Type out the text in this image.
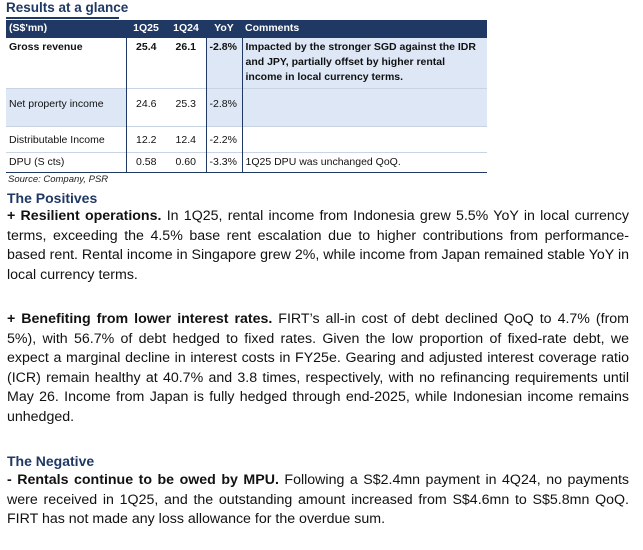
Results at a glance
(S$'mn)	1Q25	1Q24	YoY	Comments
Gross revenue	25.4	26.1	-2.8%	Impacted by the stronger SGD against the IDR and JPY, partially offset by higher rental income in local currency terms.
Net property income	24.6	25.3	-2.8%	
Distributable Income	12.2	12.4	-2.2%	
DPU (S cts)	0.58	0.60	-3.3%	1Q25 DPU was unchanged QoQ.
Source: Company, PSR
The Positives
+ Resilient operations. In 1Q25, rental income from Indonesia grew 5.5% YoY in local currency terms, exceeding the 4.5% base rent escalation due to higher contributions from performance-based rent. Rental income in Singapore grew 2%, while income from Japan remained stable YoY in local currency terms.
+ Benefiting from lower interest rates. FIRT’s all-in cost of debt declined QoQ to 4.7% (from 5%), with 56.7% of debt hedged to fixed rates. Given the low proportion of fixed-rate debt, we expect a marginal decline in interest costs in FY25e. Gearing and adjusted interest coverage ratio (ICR) remain healthy at 40.7% and 3.8 times, respectively, with no refinancing requirements until May 26. Income from Japan is fully hedged through end-2025, while Indonesian income remains unhedged.
The Negative
- Rentals continue to be owed by MPU. Following a S$2.4mn payment in 4Q24, no payments were received in 1Q25, and the outstanding amount increased from S$4.6mn to S$5.8mn QoQ. FIRT has not made any loss allowance for the overdue sum.
